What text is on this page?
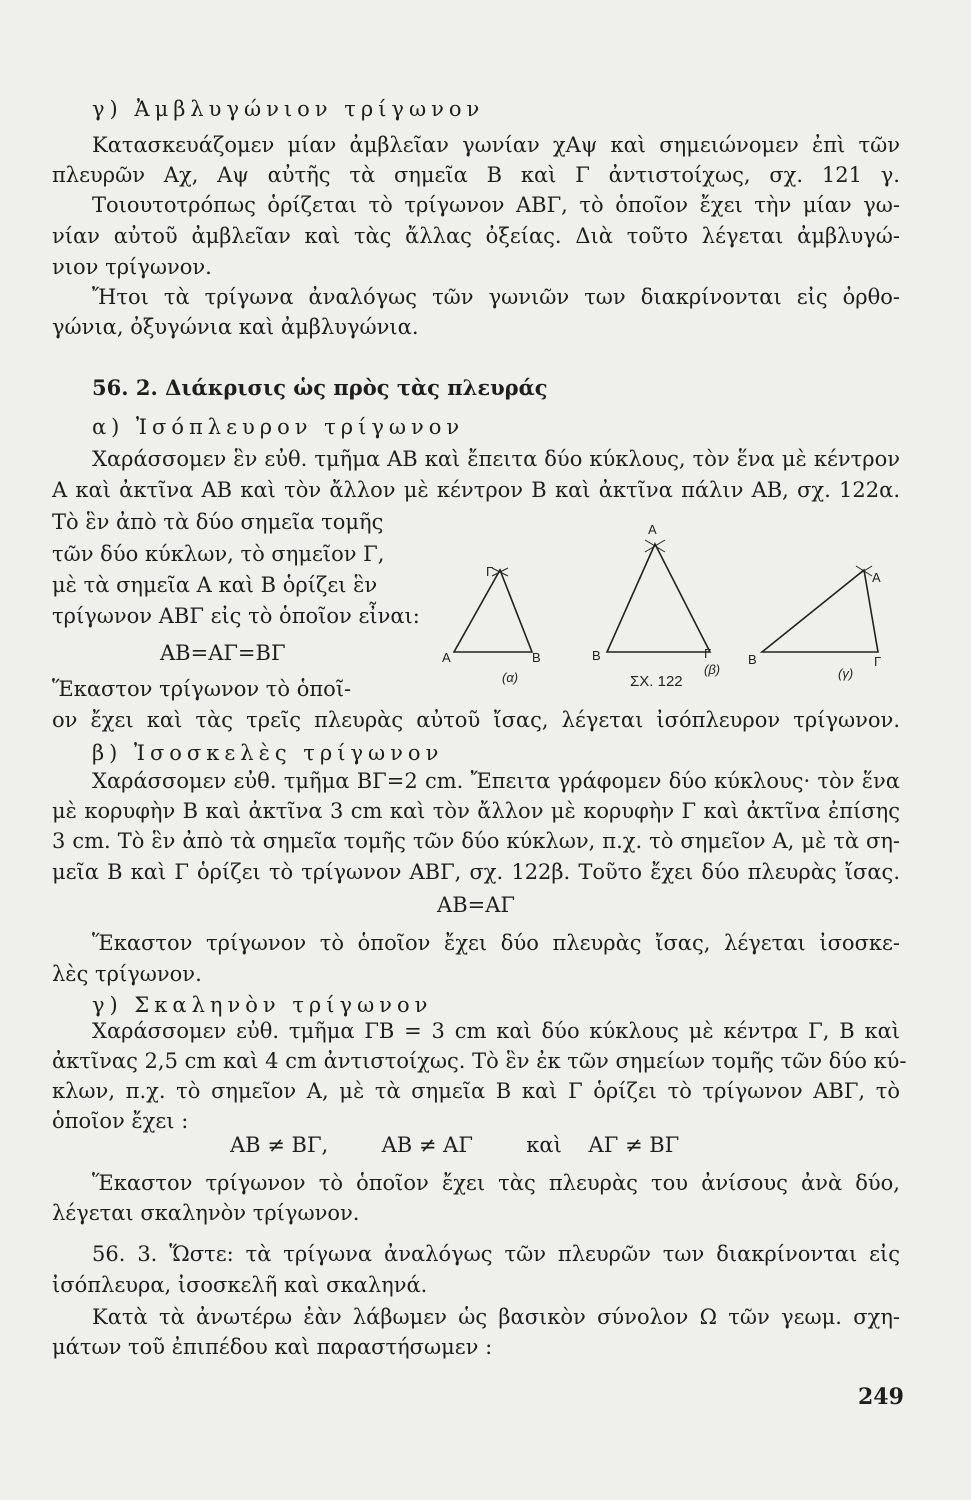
γ) Ἀμβλυγώνιον τρίγωνον
Κατασκευάζομεν μίαν ἀμβλεῖαν γωνίαν χΑψ καὶ σημειώνομεν ἐπὶ τῶν
πλευρῶν Αχ, Αψ αὐτῆς τὰ σημεῖα Β καὶ Γ ἀντιστοίχως, σχ. 121 γ.
Τοιουτοτρόπως ὁρίζεται τὸ τρίγωνον ΑΒΓ, τὸ ὁποῖον ἔχει τὴν μίαν γω-
νίαν αὐτοῦ ἀμβλεῖαν καὶ τὰς ἄλλας ὀξείας. Διὰ τοῦτο λέγεται ἀμβλυγώ-
νιον τρίγωνον.
Ἤτοι τὰ τρίγωνα ἀναλόγως τῶν γωνιῶν των διακρίνονται εἰς ὀρθο-
γώνια, ὀξυγώνια καὶ ἀμβλυγώνια.
56. 2. Διάκρισις ὡς πρὸς τὰς πλευράς
α) Ἰσόπλευρον τρίγωνον
Χαράσσομεν ἓν εὐθ. τμῆμα ΑΒ καὶ ἔπειτα δύο κύκλους, τὸν ἕνα μὲ κέντρον
Α καὶ ἀκτῖνα ΑΒ καὶ τὸν ἄλλον μὲ κέντρον Β καὶ ἀκτῖνα πάλιν ΑΒ, σχ. 122α.
Τὸ ἓν ἀπὸ τὰ δύο σημεῖα τομῆς
τῶν δύο κύκλων, τὸ σημεῖον Γ,
μὲ τὰ σημεῖα Α καὶ Β ὁρίζει ἓν
τρίγωνον ΑΒΓ εἰς τὸ ὁποῖον εἶναι:
ΑΒ=ΑΓ=ΒΓ
Ἕκαστον τρίγωνον τὸ ὁποῖ-
ον ἔχει καὶ τὰς τρεῖς πλευρὰς αὐτοῦ ἴσας, λέγεται ἰσόπλευρον τρίγωνον.
β) Ἰσοσκελὲς τρίγωνον
Χαράσσομεν εὐθ. τμῆμα ΒΓ=2 cm. Ἔπειτα γράφομεν δύο κύκλους· τὸν ἕνα
μὲ κορυφὴν Β καὶ ἀκτῖνα 3 cm καὶ τὸν ἄλλον μὲ κορυφὴν Γ καὶ ἀκτῖνα ἐπίσης
3 cm. Τὸ ἓν ἀπὸ τὰ σημεῖα τομῆς τῶν δύο κύκλων, π.χ. τὸ σημεῖον Α, μὲ τὰ ση-
μεῖα Β καὶ Γ ὁρίζει τὸ τρίγωνον ΑΒΓ, σχ. 122β. Τοῦτο ἔχει δύο πλευρὰς ἴσας.
ΑΒ=ΑΓ
Ἕκαστον τρίγωνον τὸ ὁποῖον ἔχει δύο πλευρὰς ἴσας, λέγεται ἰσοσκε-
λὲς τρίγωνον.
γ) Σκαληνὸν τρίγωνον
Χαράσσομεν εὐθ. τμῆμα ΓΒ = 3 cm καὶ δύο κύκλους μὲ κέντρα Γ, Β καὶ
ἀκτῖνας 2,5 cm καὶ 4 cm ἀντιστοίχως. Τὸ ἓν ἐκ τῶν σημείων τομῆς τῶν δύο κύ-
κλων, π.χ. τὸ σημεῖον Α, μὲ τὰ σημεῖα Β καὶ Γ ὁρίζει τὸ τρίγωνον ΑΒΓ, τὸ
ὁποῖον ἔχει :
ΑΒ ≠ ΒΓ,        ΑΒ ≠ ΑΓ        καὶ    ΑΓ ≠ ΒΓ
Ἕκαστον τρίγωνον τὸ ὁποῖον ἔχει τὰς πλευρὰς του ἀνίσους ἀνὰ δύο,
λέγεται σκαληνὸν τρίγωνον.
56. 3. Ὥστε: τὰ τρίγωνα ἀναλόγως τῶν πλευρῶν των διακρίνονται εἰς
ἰσόπλευρα, ἰσοσκελῆ καὶ σκαληνά.
Κατὰ τὰ ἀνωτέρω ἐὰν λάβωμεν ὡς βασικὸν σύνολον Ω τῶν γεωμ. σχη-
μάτων τοῦ ἐπιπέδου καὶ παραστήσωμεν :
Γ
Α	Β
(α)
Α
Β	Γ
(β)
Α
Β	Γ
(γ)
ΣΧ. 122
249
